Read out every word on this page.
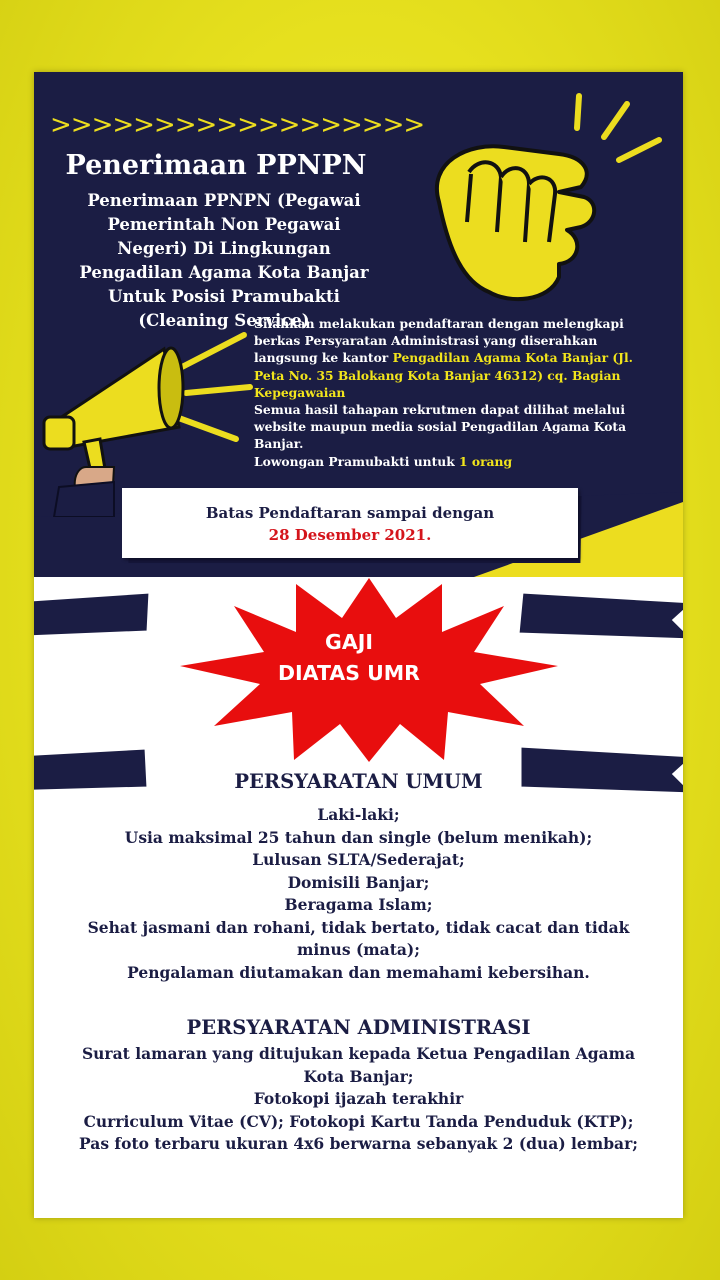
>>>>>>>>>>>>>>>>>>
Penerimaan PPNPN
Penerimaan PPNPN (Pegawai Pemerintah Non Pegawai Negeri) Di Lingkungan Pengadilan Agama Kota Banjar Untuk Posisi Pramubakti (Cleaning Service)
Silahkan melakukan pendaftaran dengan melengkapi berkas Persyaratan Administrasi yang diserahkan langsung ke kantor Pengadilan Agama Kota Banjar (Jl. Peta No. 35 Balokang Kota Banjar 46312) cq. Bagian Kepegawaian
Semua hasil tahapan rekrutmen dapat dilihat melalui website maupun media sosial Pengadilan Agama Kota Banjar.
Lowongan Pramubakti untuk 1 orang
Batas Pendaftaran sampai dengan
28 Desember 2021.
GAJI
DIATAS UMR
PERSYARATAN UMUM
Laki-laki;
Usia maksimal 25 tahun dan single (belum menikah);
Lulusan SLTA/Sederajat;
Domisili Banjar;
Beragama Islam;
Sehat jasmani dan rohani, tidak bertato, tidak cacat dan tidak minus (mata);
Pengalaman diutamakan dan memahami kebersihan.
PERSYARATAN ADMINISTRASI
Surat lamaran yang ditujukan kepada Ketua Pengadilan Agama Kota Banjar;
Fotokopi ijazah terakhir
Curriculum Vitae (CV); Fotokopi Kartu Tanda Penduduk (KTP);
Pas foto terbaru ukuran 4x6 berwarna sebanyak 2 (dua) lembar;
